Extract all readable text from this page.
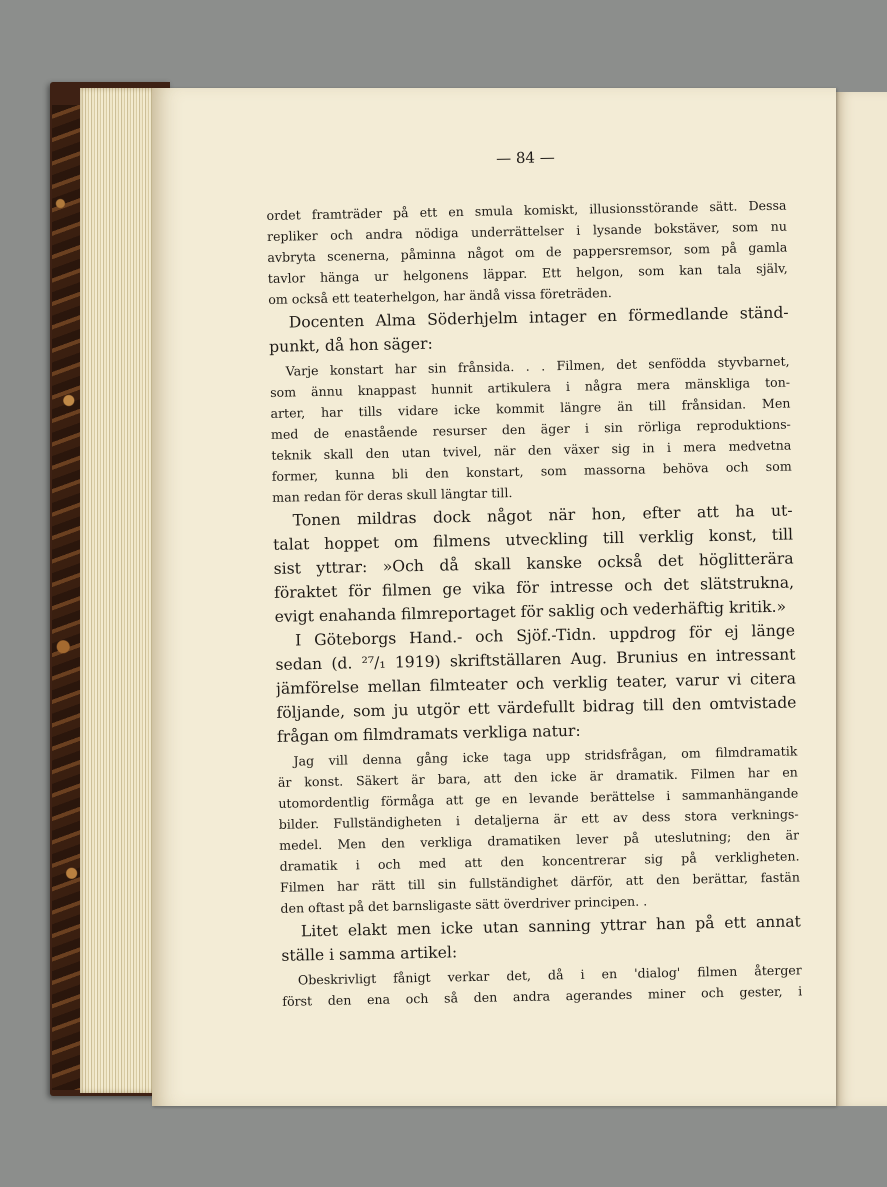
— 84 —
ordet framträder på ett en smula komiskt, illusionsstörande sätt. Dessa
repliker och andra nödiga underrättelser i lysande bokstäver, som nu
avbryta scenerna, påminna något om de pappersremsor, som på gamla
tavlor hänga ur helgonens läppar. Ett helgon, som kan tala själv,
om också ett teaterhelgon, har ändå vissa företräden.
Docenten Alma Söderhjelm intager en förmedlande ständ-
punkt, då hon säger:
Varje konstart har sin frånsida. . . Filmen, det senfödda styvbarnet,
som ännu knappast hunnit artikulera i några mera mänskliga ton-
arter, har tills vidare icke kommit längre än till frånsidan. Men
med de enastående resurser den äger i sin rörliga reproduktions-
teknik skall den utan tvivel, när den växer sig in i mera medvetna
former, kunna bli den konstart, som massorna behöva och som
man redan för deras skull längtar till.
Tonen mildras dock något när hon, efter att ha ut-
talat hoppet om filmens utveckling till verklig konst, till
sist yttrar: »Och då skall kanske också det höglitterära
föraktet för filmen ge vika för intresse och det slätstrukna,
evigt enahanda filmreportaget för saklig och vederhäftig kritik.»
I Göteborgs Hand.- och Sjöf.-Tidn. uppdrog för ej länge
sedan (d. ²⁷/₁ 1919) skriftställaren Aug. Brunius en intressant
jämförelse mellan filmteater och verklig teater, varur vi citera
följande, som ju utgör ett värdefullt bidrag till den omtvistade
frågan om filmdramats verkliga natur:
Jag vill denna gång icke taga upp stridsfrågan, om filmdramatik
är konst. Säkert är bara, att den icke är dramatik. Filmen har en
utomordentlig förmåga att ge en levande berättelse i sammanhängande
bilder. Fullständigheten i detaljerna är ett av dess stora verknings-
medel. Men den verkliga dramatiken lever på uteslutning; den är
dramatik i och med att den koncentrerar sig på verkligheten.
Filmen har rätt till sin fullständighet därför, att den berättar, fastän
den oftast på det barnsligaste sätt överdriver principen. .
Litet elakt men icke utan sanning yttrar han på ett annat
ställe i samma artikel:
Obeskrivligt fånigt verkar det, då i en 'dialog' filmen återger
först den ena och så den andra agerandes miner och gester, i
